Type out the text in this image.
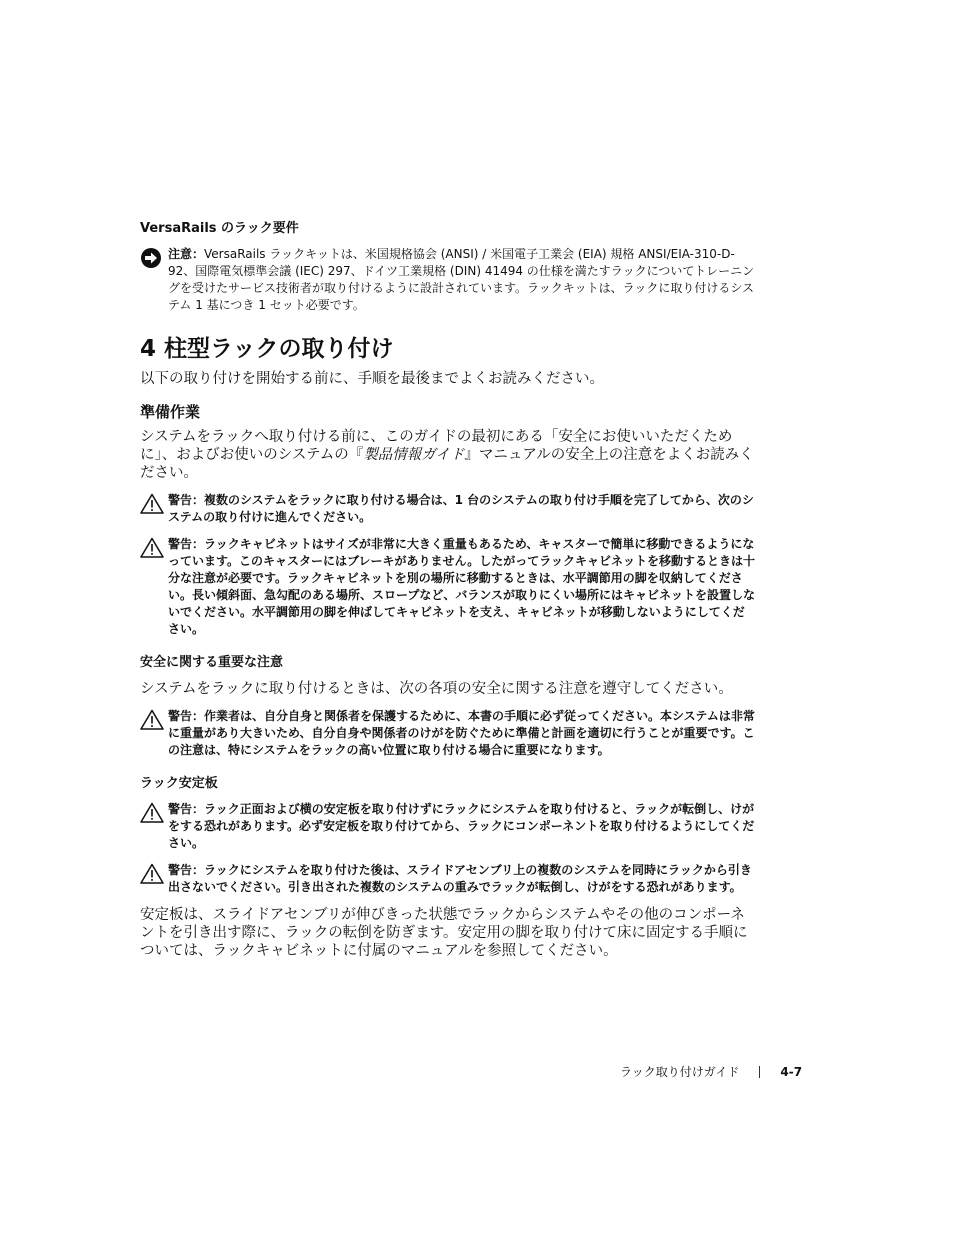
VersaRails のラック要件
注意：VersaRails ラックキットは、米国規格協会 (ANSI) / 米国電子工業会 (EIA) 規格 ANSI/EIA-310-D-92、国際電気標準会議 (IEC) 297、ドイツ工業規格 (DIN) 41494 の仕様を満たすラックについてトレーニングを受けたサービス技術者が取り付けるように設計されています。ラックキットは、ラックに取り付けるシステム 1 基につき 1 セット必要です。
4 柱型ラックの取り付け

以下の取り付けを開始する前に、手順を最後までよくお読みください。

準備作業

システムをラックへ取り付ける前に、このガイドの最初にある「安全にお使いいただくために」、およびお使いのシステムの『製品情報ガイド』マニュアルの安全上の注意をよくお読みください。

警告：複数のシステムをラックに取り付ける場合は、1 台のシステムの取り付け手順を完了してから、次のシステムの取り付けに進んでください。
警告：ラックキャビネットはサイズが非常に大きく重量もあるため、キャスターで簡単に移動できるようになっています。このキャスターにはブレーキがありません。したがってラックキャビネットを移動するときは十分な注意が必要です。ラックキャビネットを別の場所に移動するときは、水平調節用の脚を収納してください。長い傾斜面、急勾配のある場所、スロープなど、バランスが取りにくい場所にはキャビネットを設置しないでください。水平調節用の脚を伸ばしてキャビネットを支え、キャビネットが移動しないようにしてください。
安全に関する重要な注意

システムをラックに取り付けるときは、次の各項の安全に関する注意を遵守してください。

警告：作業者は、自分自身と関係者を保護するために、本書の手順に必ず従ってください。本システムは非常に重量があり大きいため、自分自身や関係者のけがを防ぐために準備と計画を適切に行うことが重要です。この注意は、特にシステムをラックの高い位置に取り付ける場合に重要になります。
ラック安定板
警告：ラック正面および横の安定板を取り付けずにラックにシステムを取り付けると、ラックが転倒し、けがをする恐れがあります。必ず安定板を取り付けてから、ラックにコンポーネントを取り付けるようにしてください。
警告：ラックにシステムを取り付けた後は、スライドアセンブリ上の複数のシステムを同時にラックから引き出さないでください。引き出された複数のシステムの重みでラックが転倒し、けがをする恐れがあります。

安定板は、スライドアセンブリが伸びきった状態でラックからシステムやその他のコンポーネントを引き出す際に、ラックの転倒を防ぎます。安定用の脚を取り付けて床に固定する手順については、ラックキャビネットに付属のマニュアルを参照してください。

ラック取り付けガイド	4-7
